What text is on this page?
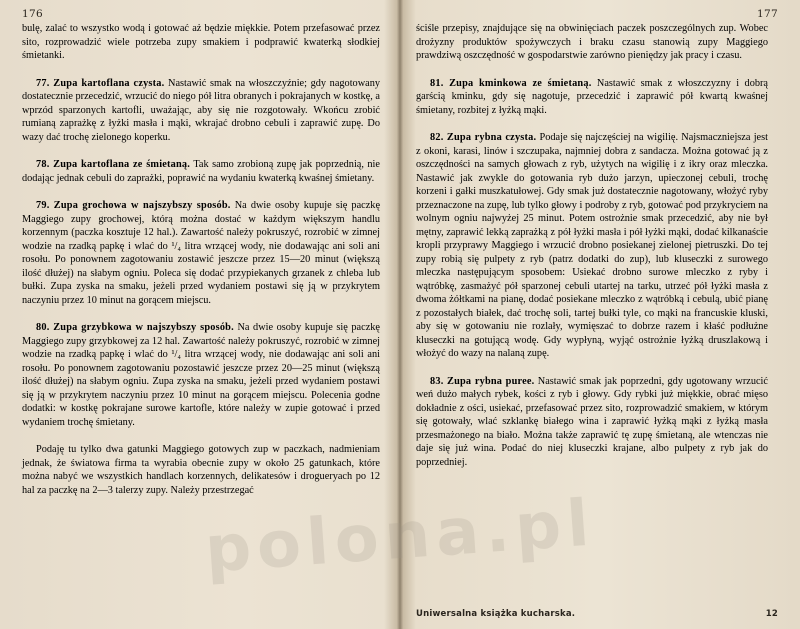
176

bulę, zalać to wszystko wodą i gotować aż będzie miękkie. Potem przefasować przez sito, rozprowadzić wiele potrzeba zupy smakiem i podprawić kwaterką słodkiej śmietanki.

77. Zupa kartoflana czysta. Nastawić smak na włoszczyźnie; gdy nagotowany dostatecznie przecedzić, wrzucić do niego pół litra obranych i pokrajanych w kostkę, a wprzód sparzonych kartofli, uważając, aby się nie rozgotowały. Wkońcu zrobić rumianą zaprażkę z łyżki masła i mąki, wkrajać drobno cebuli i zaprawić zupę. Do wazy dać trochę zielonego koperku.

78. Zupa kartoflana ze śmietaną. Tak samo zrobioną zupę jak poprzednią, nie dodając jednak cebuli do zaprażki, poprawić na wydaniu kwaterką kwaśnej śmietany.

79. Zupa grochowa w najszybszy sposób. Na dwie osoby kupuje się paczkę Maggiego zupy grochowej, którą można dostać w każdym większym handlu korzennym (paczka kosztuje 12 hal.). Zawartość należy pokruszyć, rozrobić w zimnej wodzie na rzadką papkę i wlać do ¹/₄ litra wrzącej wody, nie dodawając ani soli ani rosołu. Po ponownem zagotowaniu zostawić jeszcze przez 15—20 minut (większą ilość dłużej) na słabym ogniu. Poleca się dodać przypiekanych grzanek z chleba lub bułki. Zupa zyska na smaku, jeżeli przed wydaniem postawi się ją w przykrytem naczyniu przez 10 minut na gorącem miejscu.

80. Zupa grzybkowa w najszybszy sposób. Na dwie osoby kupuje się paczkę Maggiego zupy grzybkowej za 12 hal. Zawartość należy pokruszyć, rozrobić w zimnej wodzie na rzadką papkę i wlać do ¹/₄ litra wrzącej wody, nie dodawając ani soli ani rosołu. Po ponownem zagotowaniu pozostawić jeszcze przez 20—25 minut (większą ilość dłużej) na słabym ogniu. Zupa zyska na smaku, jeżeli przed wydaniem postawi się ją w przykrytem naczyniu przez 10 minut na gorącem miejscu. Polecenia godne dodatki: w kostkę pokrajane surowe kartofle, które należy w zupie gotować i przed wydaniem trochę śmietany.

Podaję tu tylko dwa gatunki Maggiego gotowych zup w paczkach, nadmieniam jednak, że światowa firma ta wyrabia obecnie zupy w około 25 gatunkach, które można nabyć we wszystkich handlach korzennych, delikatesów i drogueryach po 12 hal za paczkę na 2—3 talerzy zupy. Należy przestrzegać

177
Uniwersalna książka kucharska.	12

ściśle przepisy, znajdujące się na obwinięciach paczek poszczególnych zup. Wobec drożyzny produktów spożywczych i braku czasu stanowią zupy Maggiego prawdziwą oszczędność w gospodarstwie zarówno pieniędzy jak pracy i czasu.

81. Zupa kminkowa ze śmietaną. Nastawić smak z włoszczyzny i dobrą garścią kminku, gdy się nagotuje, przecedzić i zaprawić pół kwartą kwaśnej śmietany, rozbitej z łyżką mąki.

82. Zupa rybna czysta. Podaje się najczęściej na wigilię. Najsmaczniejsza jest z okoni, karasi, linów i szczupaka, najmniej dobra z sandacza. Można gotować ją z oszczędności na samych głowach z ryb, użytych na wigilię i z ikry oraz mleczka. Nastawić jak zwykle do gotowania ryb dużo jarzyn, upieczonej cebuli, trochę korzeni i gałki muszkatułowej. Gdy smak już dostatecznie nagotowany, włożyć ryby przeznaczone na zupę, lub tylko głowy i podroby z ryb, gotować pod przykryciem na wolnym ogniu najwyżej 25 minut. Potem ostrożnie smak przecedzić, aby nie był mętny, zaprawić lekką zaprażką z pół łyżki masła i pół łyżki mąki, dodać kilkanaście kropli przyprawy Maggiego i wrzucić drobno posiekanej zielonej pietruszki. Do tej zupy robią się pulpety z ryb (patrz dodatki do zup), lub kluseczki z surowego mleczka następującym sposobem: Usiekać drobno surowe mleczko z ryby i wątróbkę, zasmażyć pół sparzonej cebuli utartej na tarku, utrzeć pół łyżki masła z dwoma żółtkami na pianę, dodać posiekane mleczko z wątróbką i cebulą, ubić pianę z pozostałych białek, dać trochę soli, tartej bułki tyle, co mąki na francuskie kluski, aby się w gotowaniu nie rozlały, wymięszać to dobrze razem i kłaść podłużne kluseczki na gotującą wodę. Gdy wypłyną, wyjąć ostrożnie łyżką druszlakową i włożyć do wazy na nalaną zupę.

83. Zupa rybna puree. Nastawić smak jak poprzedni, gdy ugotowany wrzucić weń dużo małych rybek, kości z ryb i głowy. Gdy rybki już miękkie, obrać mięso dokładnie z ości, usiekać, przefasować przez sito, rozprowadzić smakiem, w którym się gotowały, wlać szklankę białego wina i zaprawić łyżką mąki z łyżką masła przesmażonego na biało. Można także zaprawić tę zupę śmietaną, ale wtenczas nie daje się już wina. Podać do niej kluseczki krajane, albo pulpety z ryb jak do poprzedniej.

polona.pl
